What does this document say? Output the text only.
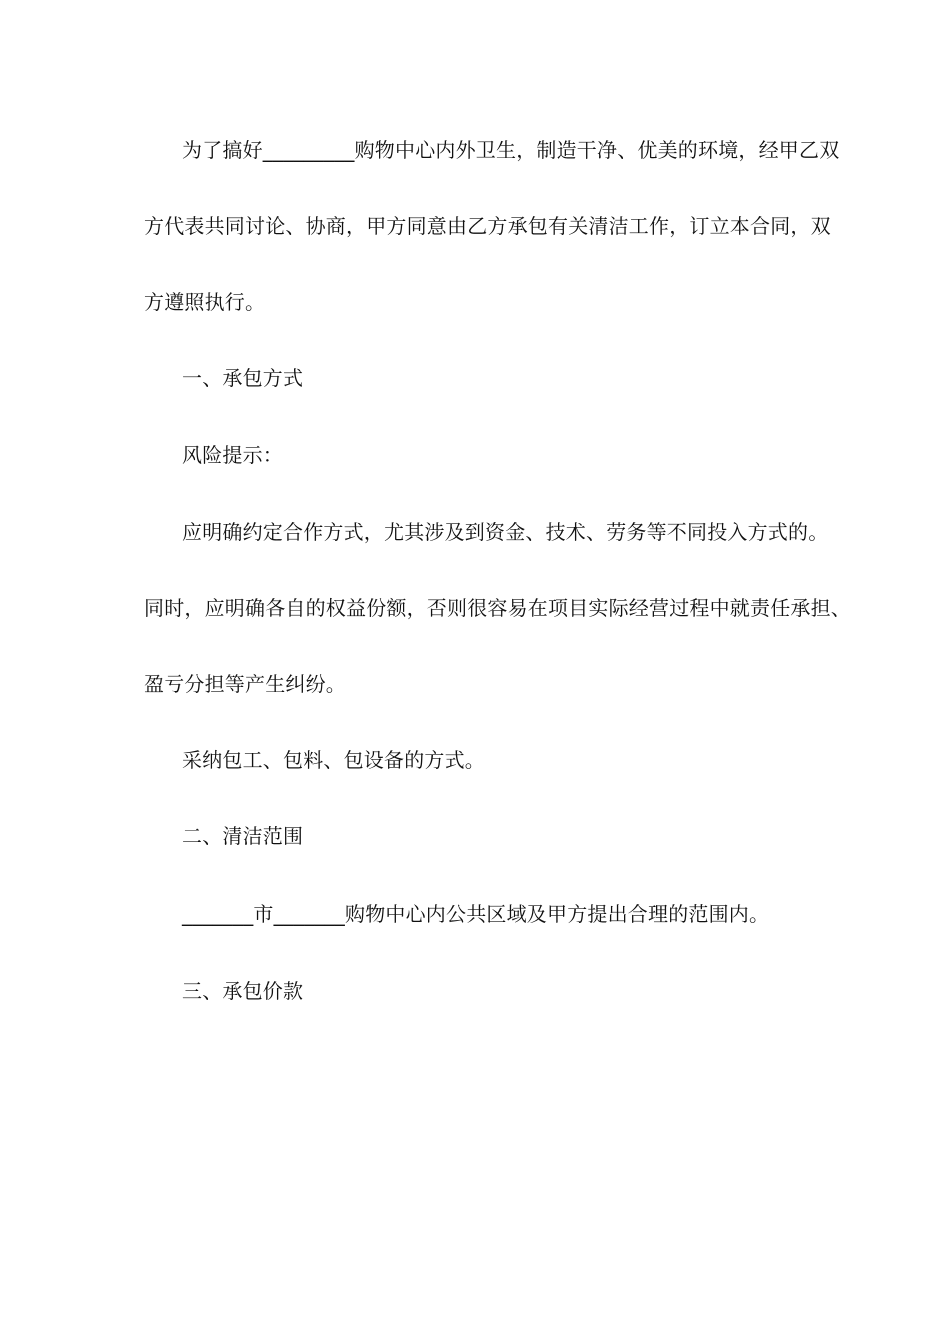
为了搞好_________购物中心内外卫生，制造干净、优美的环境，经甲乙双
方代表共同讨论、协商，甲方同意由乙方承包有关清洁工作，订立本合同，双
方遵照执行。
一、承包方式
风险提示：
应明确约定合作方式，尤其涉及到资金、技术、劳务等不同投入方式的。
同时，应明确各自的权益份额，否则很容易在项目实际经营过程中就责任承担、
盈亏分担等产生纠纷。
采纳包工、包料、包设备的方式。
二、清洁范围
_______市_______购物中心内公共区域及甲方提出合理的范围内。
三、承包价款
